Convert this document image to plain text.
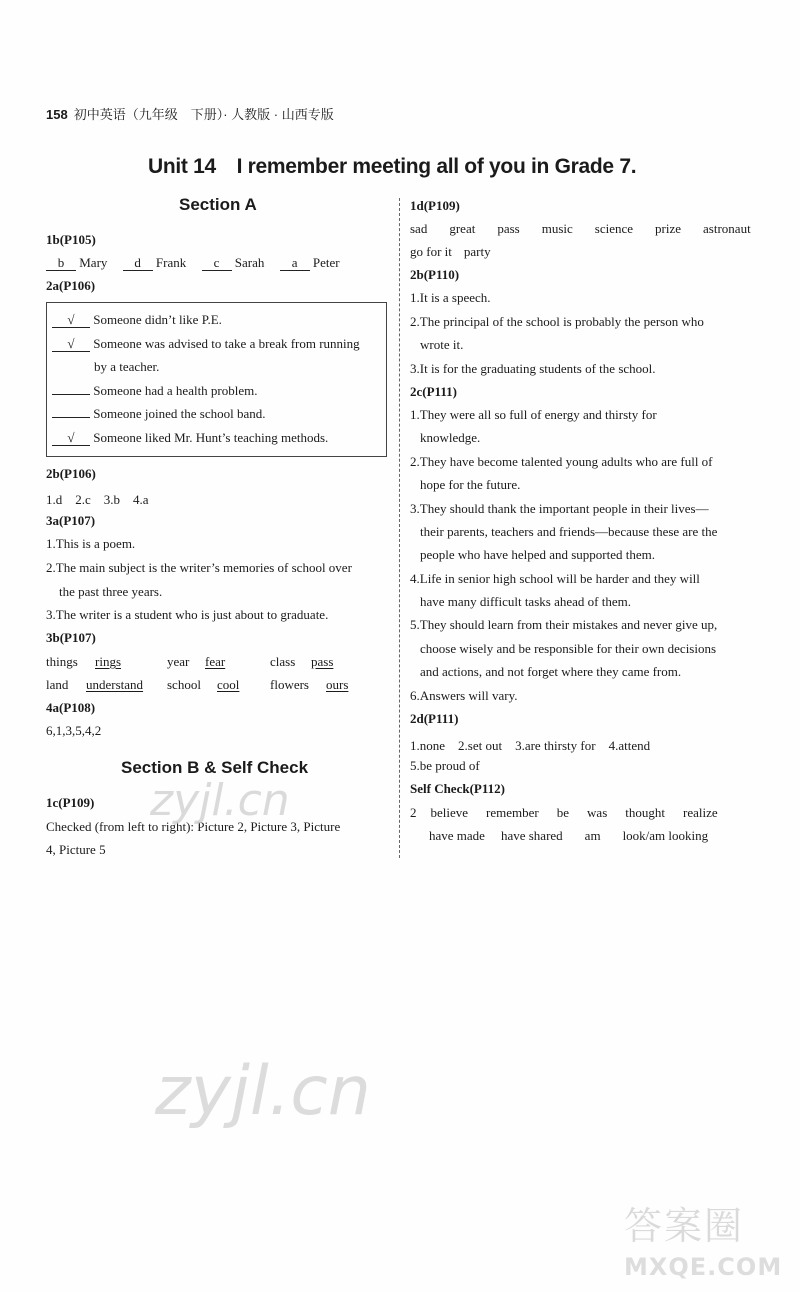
158 初中英语（九年级　下册）· 人教版 · 山西专版
Unit 14　I remember meeting all of you in Grade 7.
Section A
1b(P105)
b Mary d Frank c Sarah a Peter
2a(P106)
√ Someone didn’t like P.E.
√ Someone was advised to take a break from running
by a teacher.
Someone had a health problem.
Someone joined the school band.
√ Someone liked Mr. Hunt’s teaching methods.
2b(P106)
1.d　2.c　3.b　4.a
3a(P107)
1.This is a poem.
2.The main subject is the writer’s memories of school over
the past three years.
3.The writer is a student who is just about to graduate.
3b(P107)
things rings	year fear	class pass
land understand school cool flowers ours
4a(P108)
6,1,3,5,4,2
Section B & Self Check
1c(P109)
Checked (from left to right): Picture 2, Picture 3, Picture
4, Picture 5
1d(P109)
sad great pass music science prize astronaut
go for it party
2b(P110)
1.It is a speech.
2.The principal of the school is probably the person who
wrote it.
3.It is for the graduating students of the school.
2c(P111)
1.They were all so full of energy and thirsty for
knowledge.
2.They have become talented young adults who are full of
hope for the future.
3.They should thank the important people in their lives—
their parents, teachers and friends—because these are the
people who have helped and supported them.
4.Life in senior high school will be harder and they will
have many difficult tasks ahead of them.
5.They should learn from their mistakes and never give up,
choose wisely and be responsible for their own decisions
and actions, and not forget where they came from.
6.Answers will vary.
2d(P111)
1.none　2.set out　3.are thirsty for　4.attend
5.be proud of
Self Check(P112)
2 believe remember be was thought realize
have made have shared am look/am looking
zyjl.cn
zyjl.cn
答案圈
MXQE.COM
